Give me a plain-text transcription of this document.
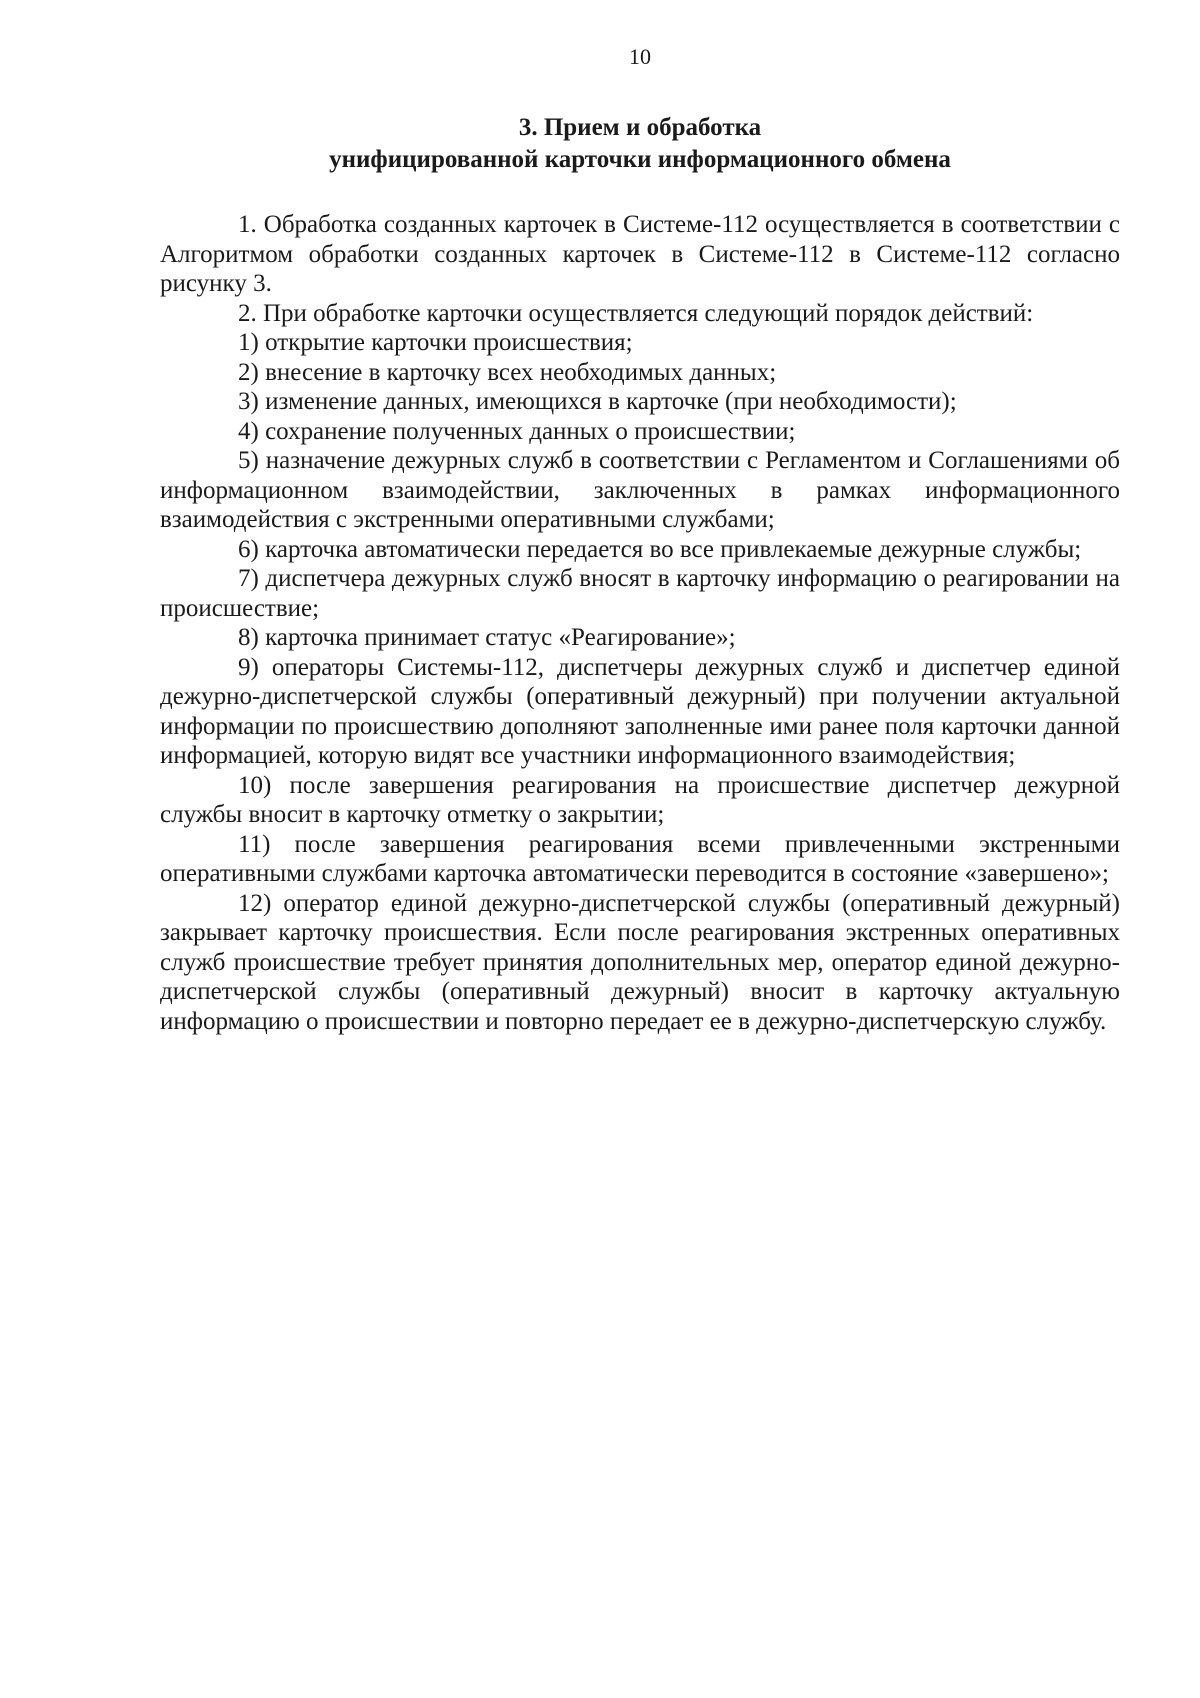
10
3. Прием и обработка
унифицированной карточки информационного обмена

1. Обработка созданных карточек в Системе-112 осуществляется в соответствии с Алгоритмом обработки созданных карточек в Системе-112 в Системе-112 согласно рисунку 3.

2. При обработке карточки осуществляется следующий порядок действий:

1) открытие карточки происшествия;

2) внесение в карточку всех необходимых данных;

3) изменение данных, имеющихся в карточке (при необходимости);

4) сохранение полученных данных о происшествии;

5) назначение дежурных служб в соответствии с Регламентом и Соглашениями об информационном взаимодействии, заключенных в рамках информационного взаимодействия с экстренными оперативными службами;

6) карточка автоматически передается во все привлекаемые дежурные службы;

7) диспетчера дежурных служб вносят в карточку информацию о реагировании на происшествие;

8) карточка принимает статус «Реагирование»;

9) операторы Системы-112, диспетчеры дежурных служб и диспетчер единой дежурно-диспетчерской службы (оперативный дежурный) при получении актуальной информации по происшествию дополняют заполненные ими ранее поля карточки данной информацией, которую видят все участники информационного взаимодействия;

10) после завершения реагирования на происшествие диспетчер дежурной службы вносит в карточку отметку о закрытии;

11) после завершения реагирования всеми привлеченными экстренными оперативными службами карточка автоматически переводится в состояние «завершено»;

12) оператор единой дежурно-диспетчерской службы (оперативный дежурный) закрывает карточку происшествия. Если после реагирования экстренных оперативных служб происшествие требует принятия дополнительных мер, оператор единой дежурно-диспетчерской службы (оперативный дежурный) вносит в карточку актуальную информацию о происшествии и повторно передает ее в дежурно-диспетчерскую службу.
